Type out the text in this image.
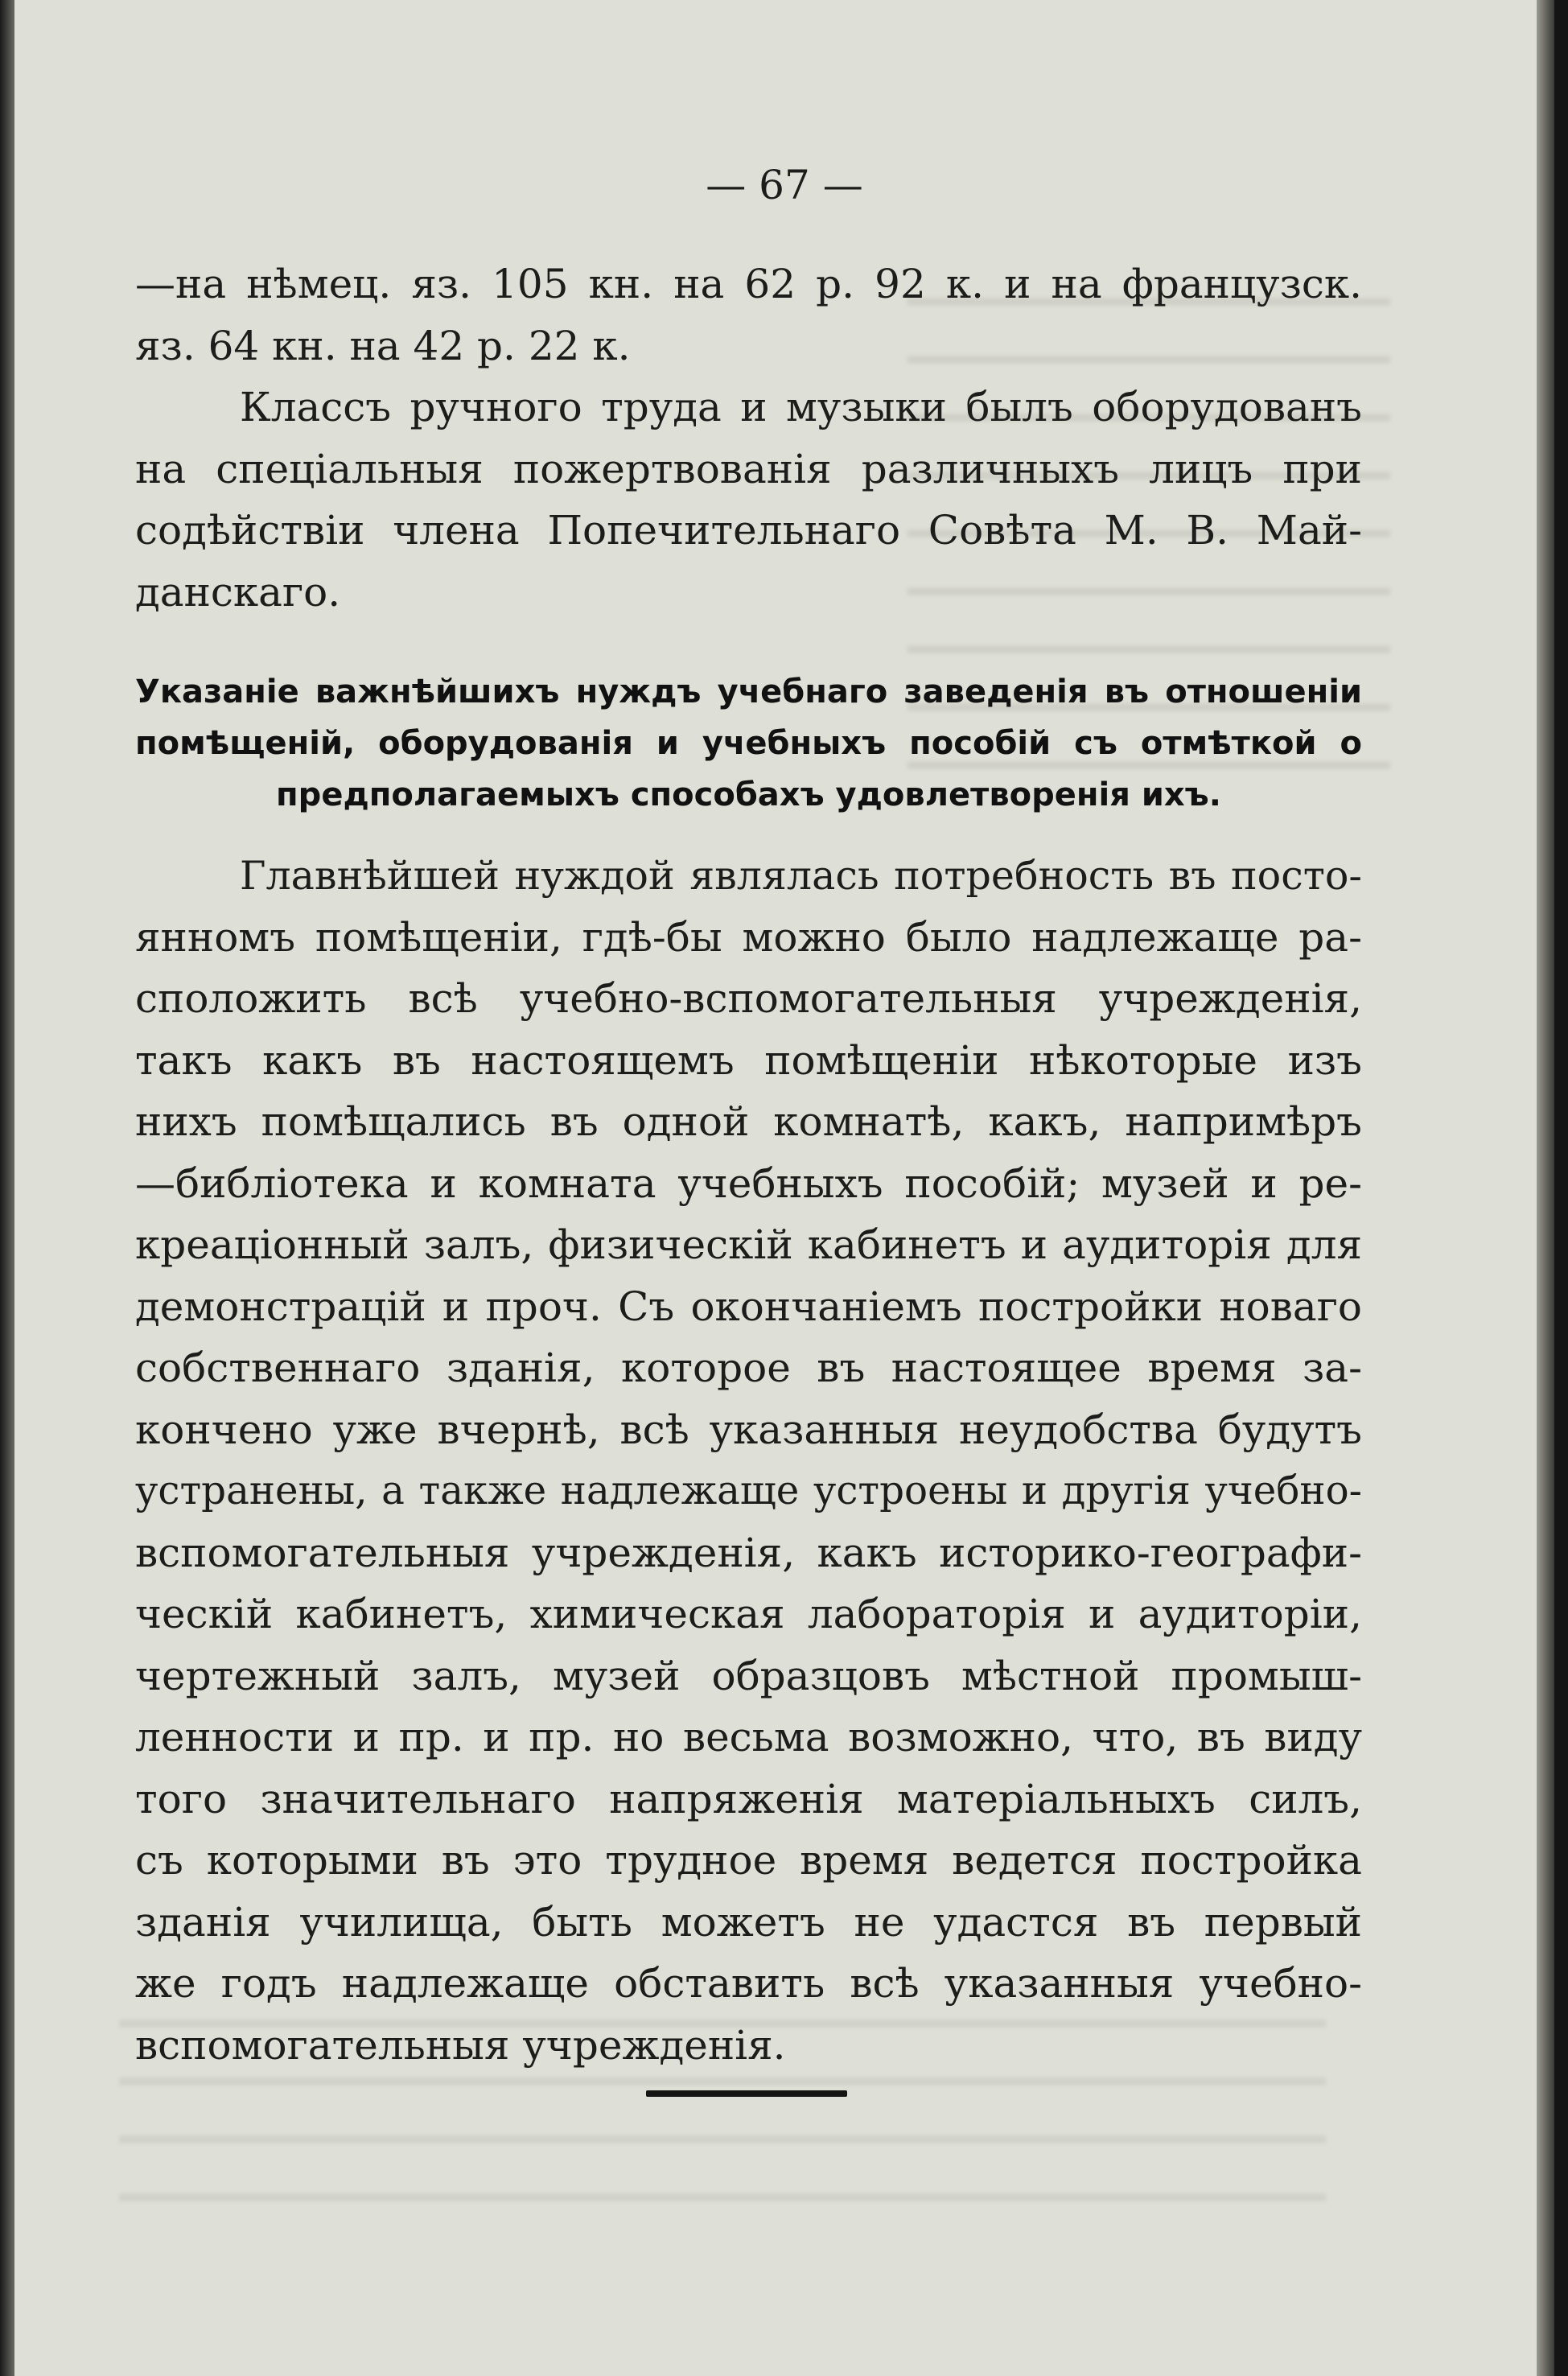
— 67 —
—на нѣмец. яз. 105 кн. на 62 р. 92 к. и на французск.
яз. 64 кн. на 42 р. 22 к.
Классъ ручного труда и музыки былъ оборудованъ
на спеціальныя пожертвованія различныхъ лицъ при
содѣйствіи члена Попечительнаго Совѣта М. В. Май-
данскаго.
Указаніе важнѣйшихъ нуждъ учебнаго заведенія въ отношеніи
помѣщеній, оборудованія и учебныхъ пособій съ отмѣткой о
предполагаемыхъ способахъ удовлетворенія ихъ.
Главнѣйшей нуждой являлась потребность въ посто-
янномъ помѣщеніи, гдѣ-бы можно было надлежаще ра-
сположить всѣ учебно-вспомогательныя учрежденія,
такъ какъ въ настоящемъ помѣщеніи нѣкоторые изъ
нихъ помѣщались въ одной комнатѣ, какъ, напримѣръ
—библіотека и комната учебныхъ пособій; музей и ре-
креаціонный залъ, физическій кабинетъ и аудиторія для
демонстрацій и проч. Съ окончаніемъ постройки новаго
собственнаго зданія, которое въ настоящее время за-
кончено уже вчернѣ, всѣ указанныя неудобства будутъ
устранены, а также надлежаще устроены и другія учебно-
вспомогательныя учрежденія, какъ историко-географи-
ческій кабинетъ, химическая лабораторія и аудиторіи,
чертежный залъ, музей образцовъ мѣстной промыш-
ленности и пр. и пр. но весьма возможно, что, въ виду
того значительнаго напряженія матеріальныхъ силъ,
съ которыми въ это трудное время ведется постройка
зданія училища, быть можетъ не удастся въ первый
же годъ надлежаще обставить всѣ указанныя учебно-
вспомогательныя учрежденія.
